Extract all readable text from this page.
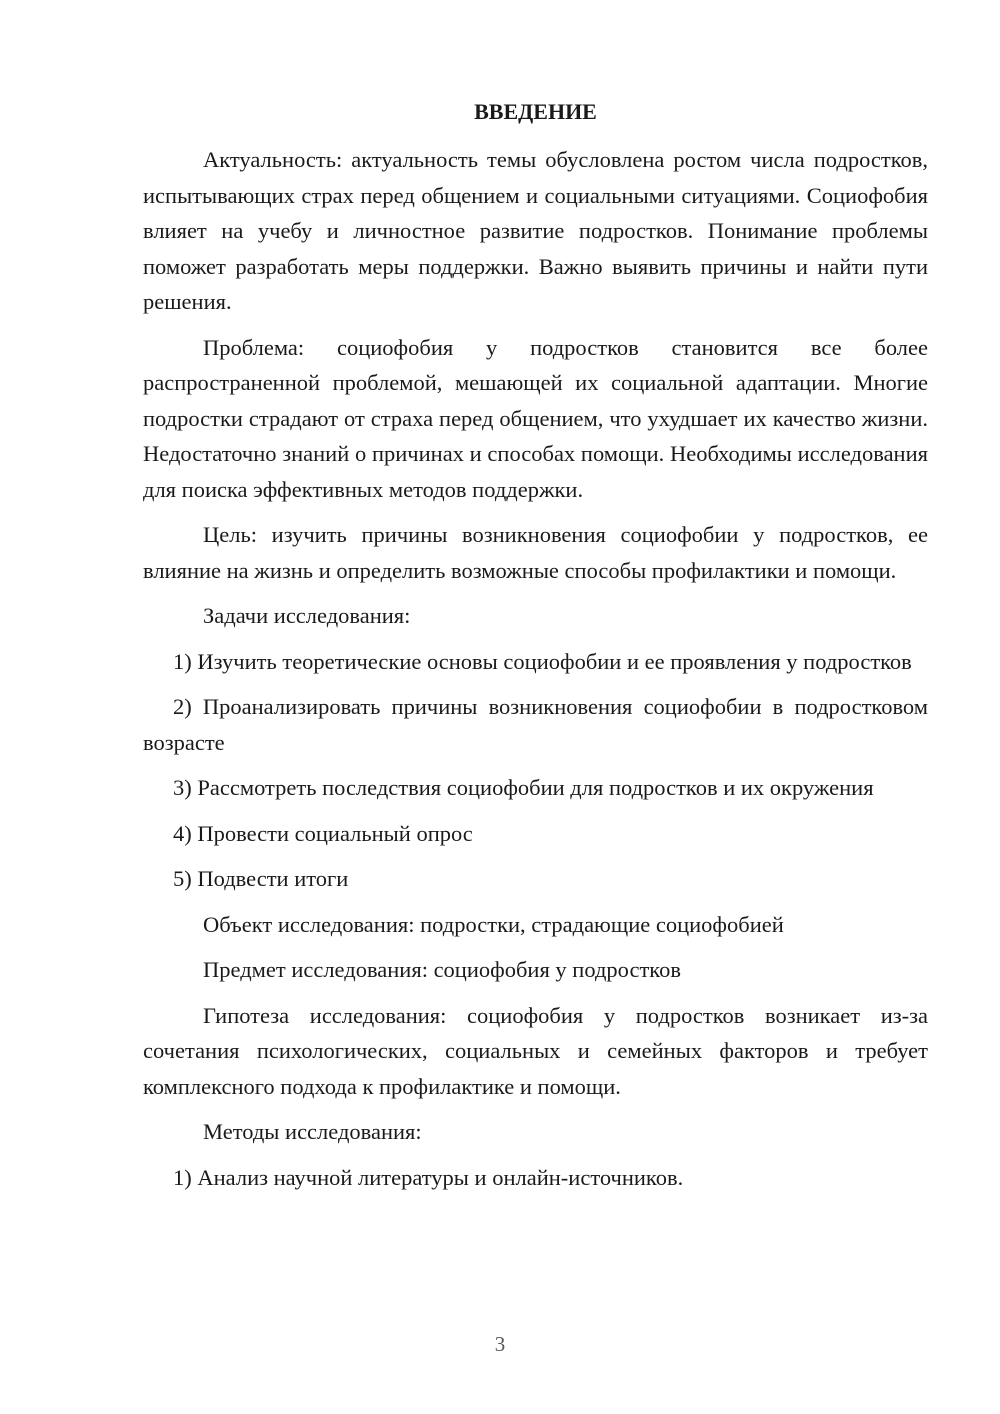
ВВЕДЕНИЕ

Актуальность: актуальность темы обусловлена ростом числа подростков, испытывающих страх перед общением и социальными ситуациями. Социофобия влияет на учебу и личностное развитие подростков. Понимание проблемы поможет разработать меры поддержки. Важно выявить причины и найти пути решения.

Проблема: социофобия у подростков становится все более распространенной проблемой, мешающей их социальной адаптации. Многие подростки страдают от страха перед общением, что ухудшает их качество жизни. Недостаточно знаний о причинах и способах помощи. Необходимы исследования для поиска эффективных методов поддержки.

Цель: изучить причины возникновения социофобии у подростков, ее влияние на жизнь и определить возможные способы профилактики и помощи.

Задачи исследования:

1) Изучить теоретические основы социофобии и ее проявления у подростков

2) Проанализировать причины возникновения социофобии в подростковом возрасте

3) Рассмотреть последствия социофобии для подростков и их окружения

4) Провести социальный опрос

5) Подвести итоги

Объект исследования: подростки, страдающие социофобией

Предмет исследования: социофобия у подростков

Гипотеза исследования: социофобия у подростков возникает из-за сочетания психологических, социальных и семейных факторов и требует комплексного подхода к профилактике и помощи.

Методы исследования:

1) Анализ научной литературы и онлайн-источников.

3
